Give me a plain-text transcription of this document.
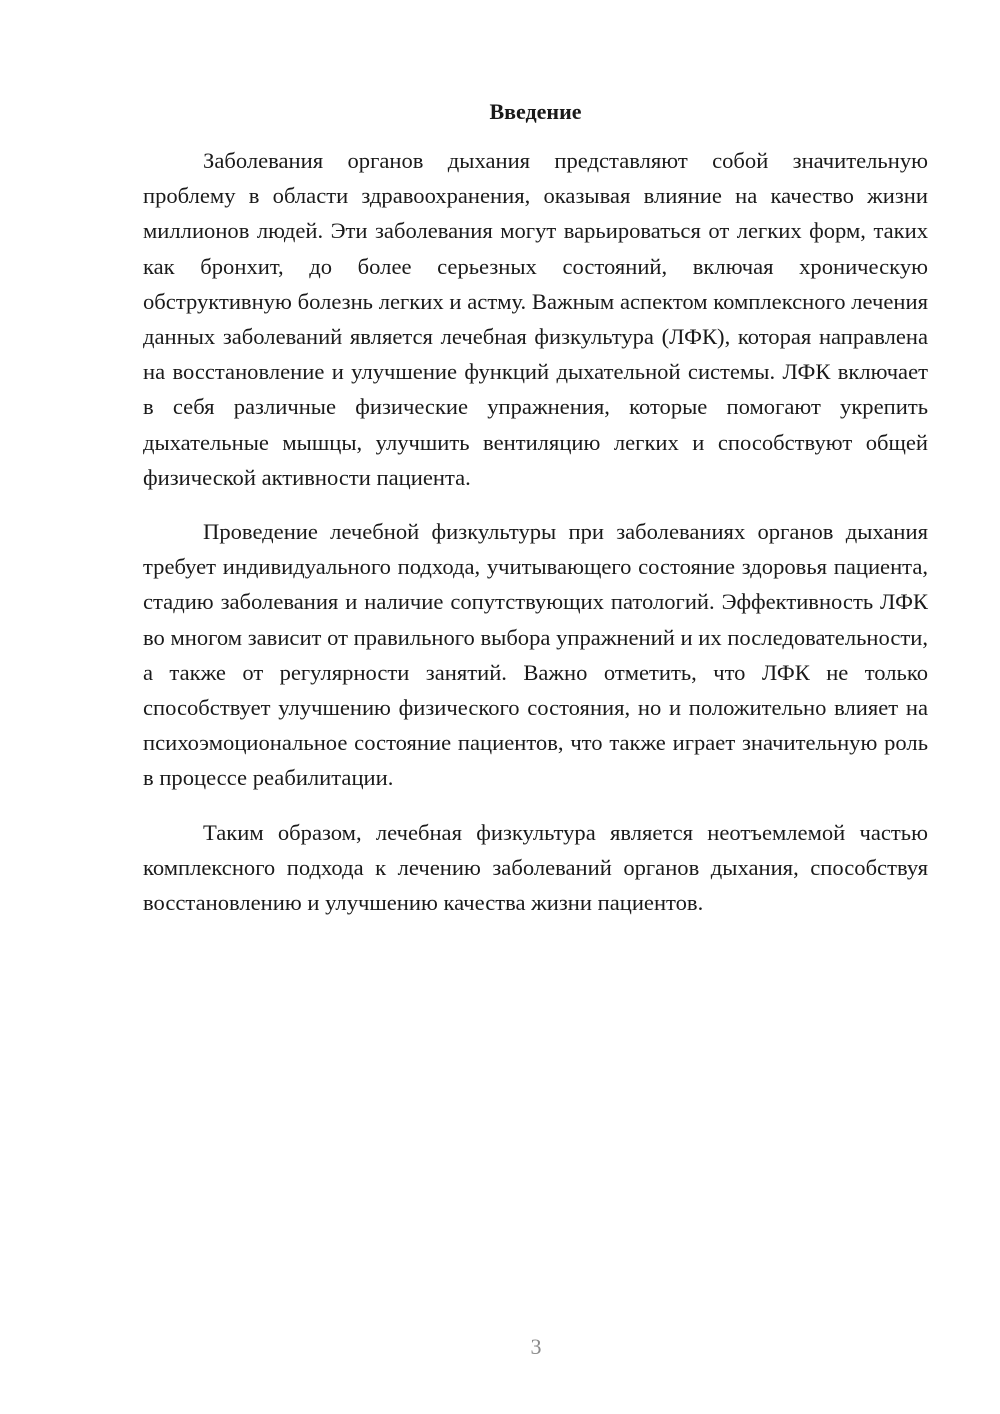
Введение

Заболевания органов дыхания представляют собой значительную проблему в области здравоохранения, оказывая влияние на качество жизни миллионов людей. Эти заболевания могут варьироваться от легких форм, таких как бронхит, до более серьезных состояний, включая хроническую обструктивную болезнь легких и астму. Важным аспектом комплексного лечения данных заболеваний является лечебная физкультура (ЛФК), которая направлена на восстановление и улучшение функций дыхательной системы. ЛФК включает в себя различные физические упражнения, которые помогают укрепить дыхательные мышцы, улучшить вентиляцию легких и способствуют общей физической активности пациента.

Проведение лечебной физкультуры при заболеваниях органов дыхания требует индивидуального подхода, учитывающего состояние здоровья пациента, стадию заболевания и наличие сопутствующих патологий. Эффективность ЛФК во многом зависит от правильного выбора упражнений и их последовательности, а также от регулярности занятий. Важно отметить, что ЛФК не только способствует улучшению физического состояния, но и положительно влияет на психоэмоциональное состояние пациентов, что также играет значительную роль в процессе реабилитации.

Таким образом, лечебная физкультура является неотъемлемой частью комплексного подхода к лечению заболеваний органов дыхания, способствуя восстановлению и улучшению качества жизни пациентов.

3
